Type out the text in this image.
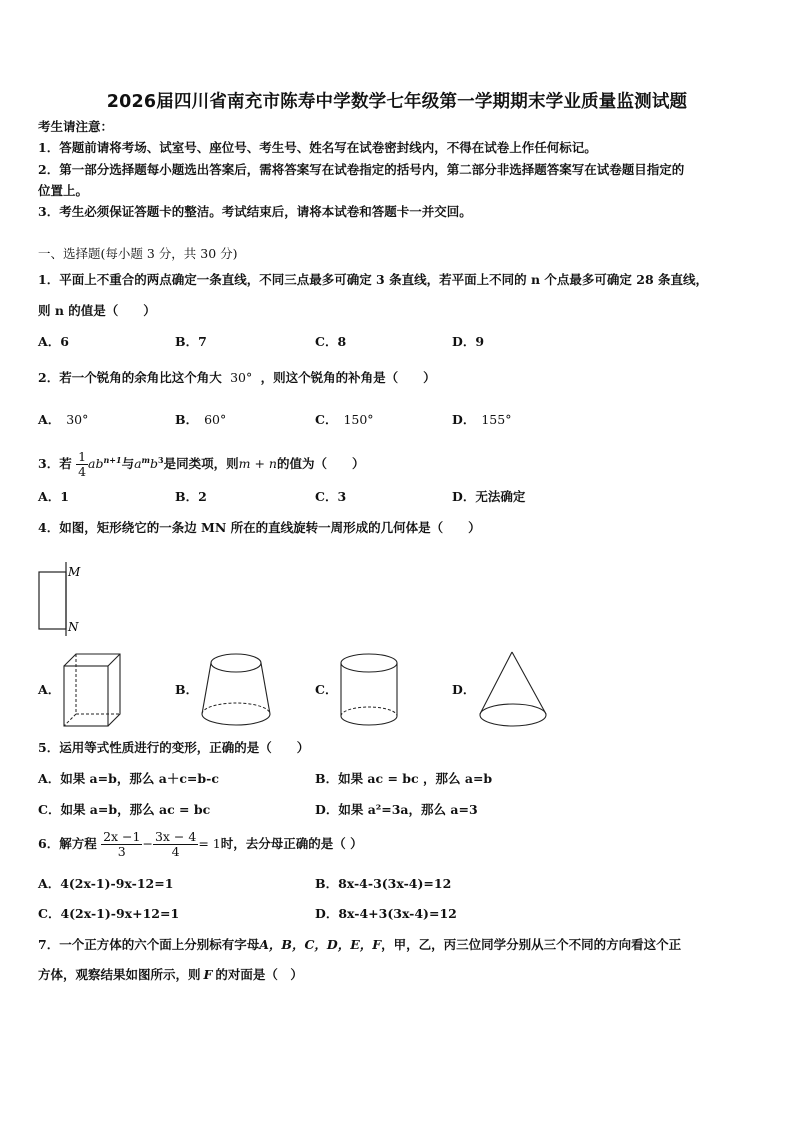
2026届四川省南充市陈寿中学数学七年级第一学期期末学业质量监测试题
考生请注意：
1．答题前请将考场、试室号、座位号、考生号、姓名写在试卷密封线内，不得在试卷上作任何标记。
2．第一部分选择题每小题选出答案后，需将答案写在试卷指定的括号内，第二部分非选择题答案写在试卷题目指定的
位置上。
3．考生必须保证答题卡的整洁。考试结束后，请将本试卷和答题卡一并交回。
一、选择题(每小题 3 分，共 30 分)
1．平面上不重合的两点确定一条直线，不同三点最多可确定 3 条直线，若平面上不同的 n 个点最多可确定 28 条直线，
则 n 的值是（　　）
A．6	B．7	C．8	D．9
2．若一个锐角的余角比这个角大 30° ，则这个锐角的补角是（　　）
A． 30°	B． 60°	C． 150°	D． 155°
3．若 $\frac{1}{4} ab^{n+1}$与$a^mb^3$是同类项，则m + n的值为（　　）
A．1	B．2	C．3	D．无法确定
4．如图，矩形绕它的一条边 MN 所在的直线旋转一周形成的几何体是（　　）
M
N
A．	B．	C．	D．
5．运用等式性质进行的变形，正确的是（　　）
A．如果 a=b，那么 a＋c=b-c	B．如果 ac = bc ，那么 a=b
C．如果 a=b，那么 ac = bc	D．如果 a²=3a，那么 a=3
6．解方程 $\frac{2x -1}{3} - \frac{3x - 4}{4} = 1$时，去分母正确的是（ ）
A．4(2x-1)-9x-12=1	B．8x-4-3(3x-4)=12
C．4(2x-1)-9x+12=1	D．8x-4+3(3x-4)=12
7．一个正方体的六个面上分别标有字母A，B，C，D，E，F，甲，乙，丙三位同学分别从三个不同的方向看这个正
方体，观察结果如图所示，则 F 的对面是（　）
